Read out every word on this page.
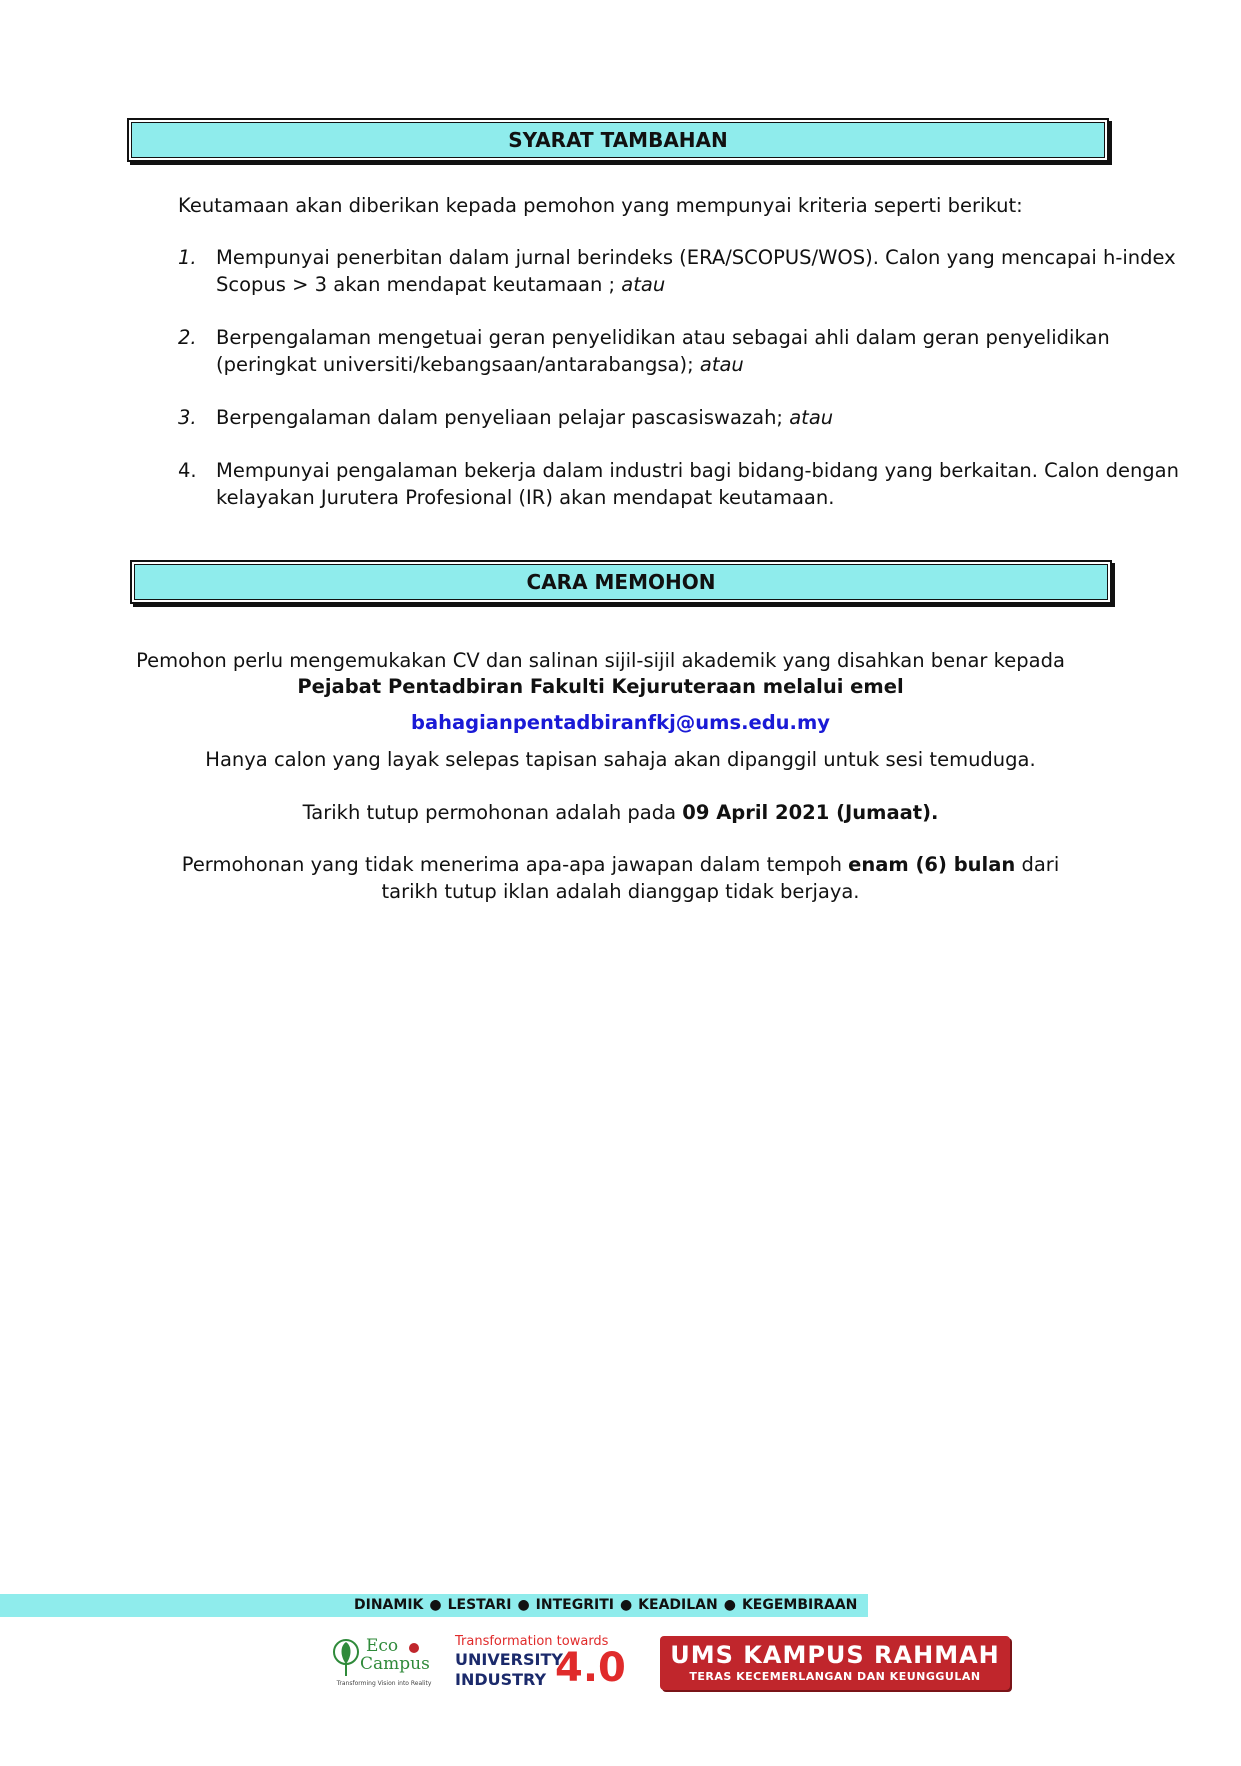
SYARAT TAMBAHAN
Keutamaan akan diberikan kepada pemohon yang mempunyai kriteria seperti berikut:
1. Mempunyai penerbitan dalam jurnal berindeks (ERA/SCOPUS/WOS). Calon yang mencapai h-index
Scopus > 3 akan mendapat keutamaan ; atau
2. Berpengalaman mengetuai geran penyelidikan atau sebagai ahli dalam geran penyelidikan
(peringkat universiti/kebangsaan/antarabangsa); atau
3. Berpengalaman dalam penyeliaan pelajar pascasiswazah; atau
4. Mempunyai pengalaman bekerja dalam industri bagi bidang-bidang yang berkaitan. Calon dengan
kelayakan Jurutera Profesional (IR) akan mendapat keutamaan.
CARA MEMOHON
Pemohon perlu mengemukakan CV dan salinan sijil-sijil akademik yang disahkan benar kepada
Pejabat Pentadbiran Fakulti Kejuruteraan melalui emel
bahagianpentadbiranfkj@ums.edu.my
Hanya calon yang layak selepas tapisan sahaja akan dipanggil untuk sesi temuduga.
Tarikh tutup permohonan adalah pada 09 April 2021 (Jumaat).
Permohonan yang tidak menerima apa-apa jawapan dalam tempoh enam (6) bulan dari
tarikh tutup iklan adalah dianggap tidak berjaya.
DINAMIK ● LESTARI ● INTEGRITI ● KEADILAN ● KEGEMBIRAAN
Eco
Campus
Transforming Vision into Reality
Transformation towards
UNIVERSITY
INDUSTRY 4.0	UMS KAMPUS RAHMAH
TERAS KECEMERLANGAN DAN KEUNGGULAN
